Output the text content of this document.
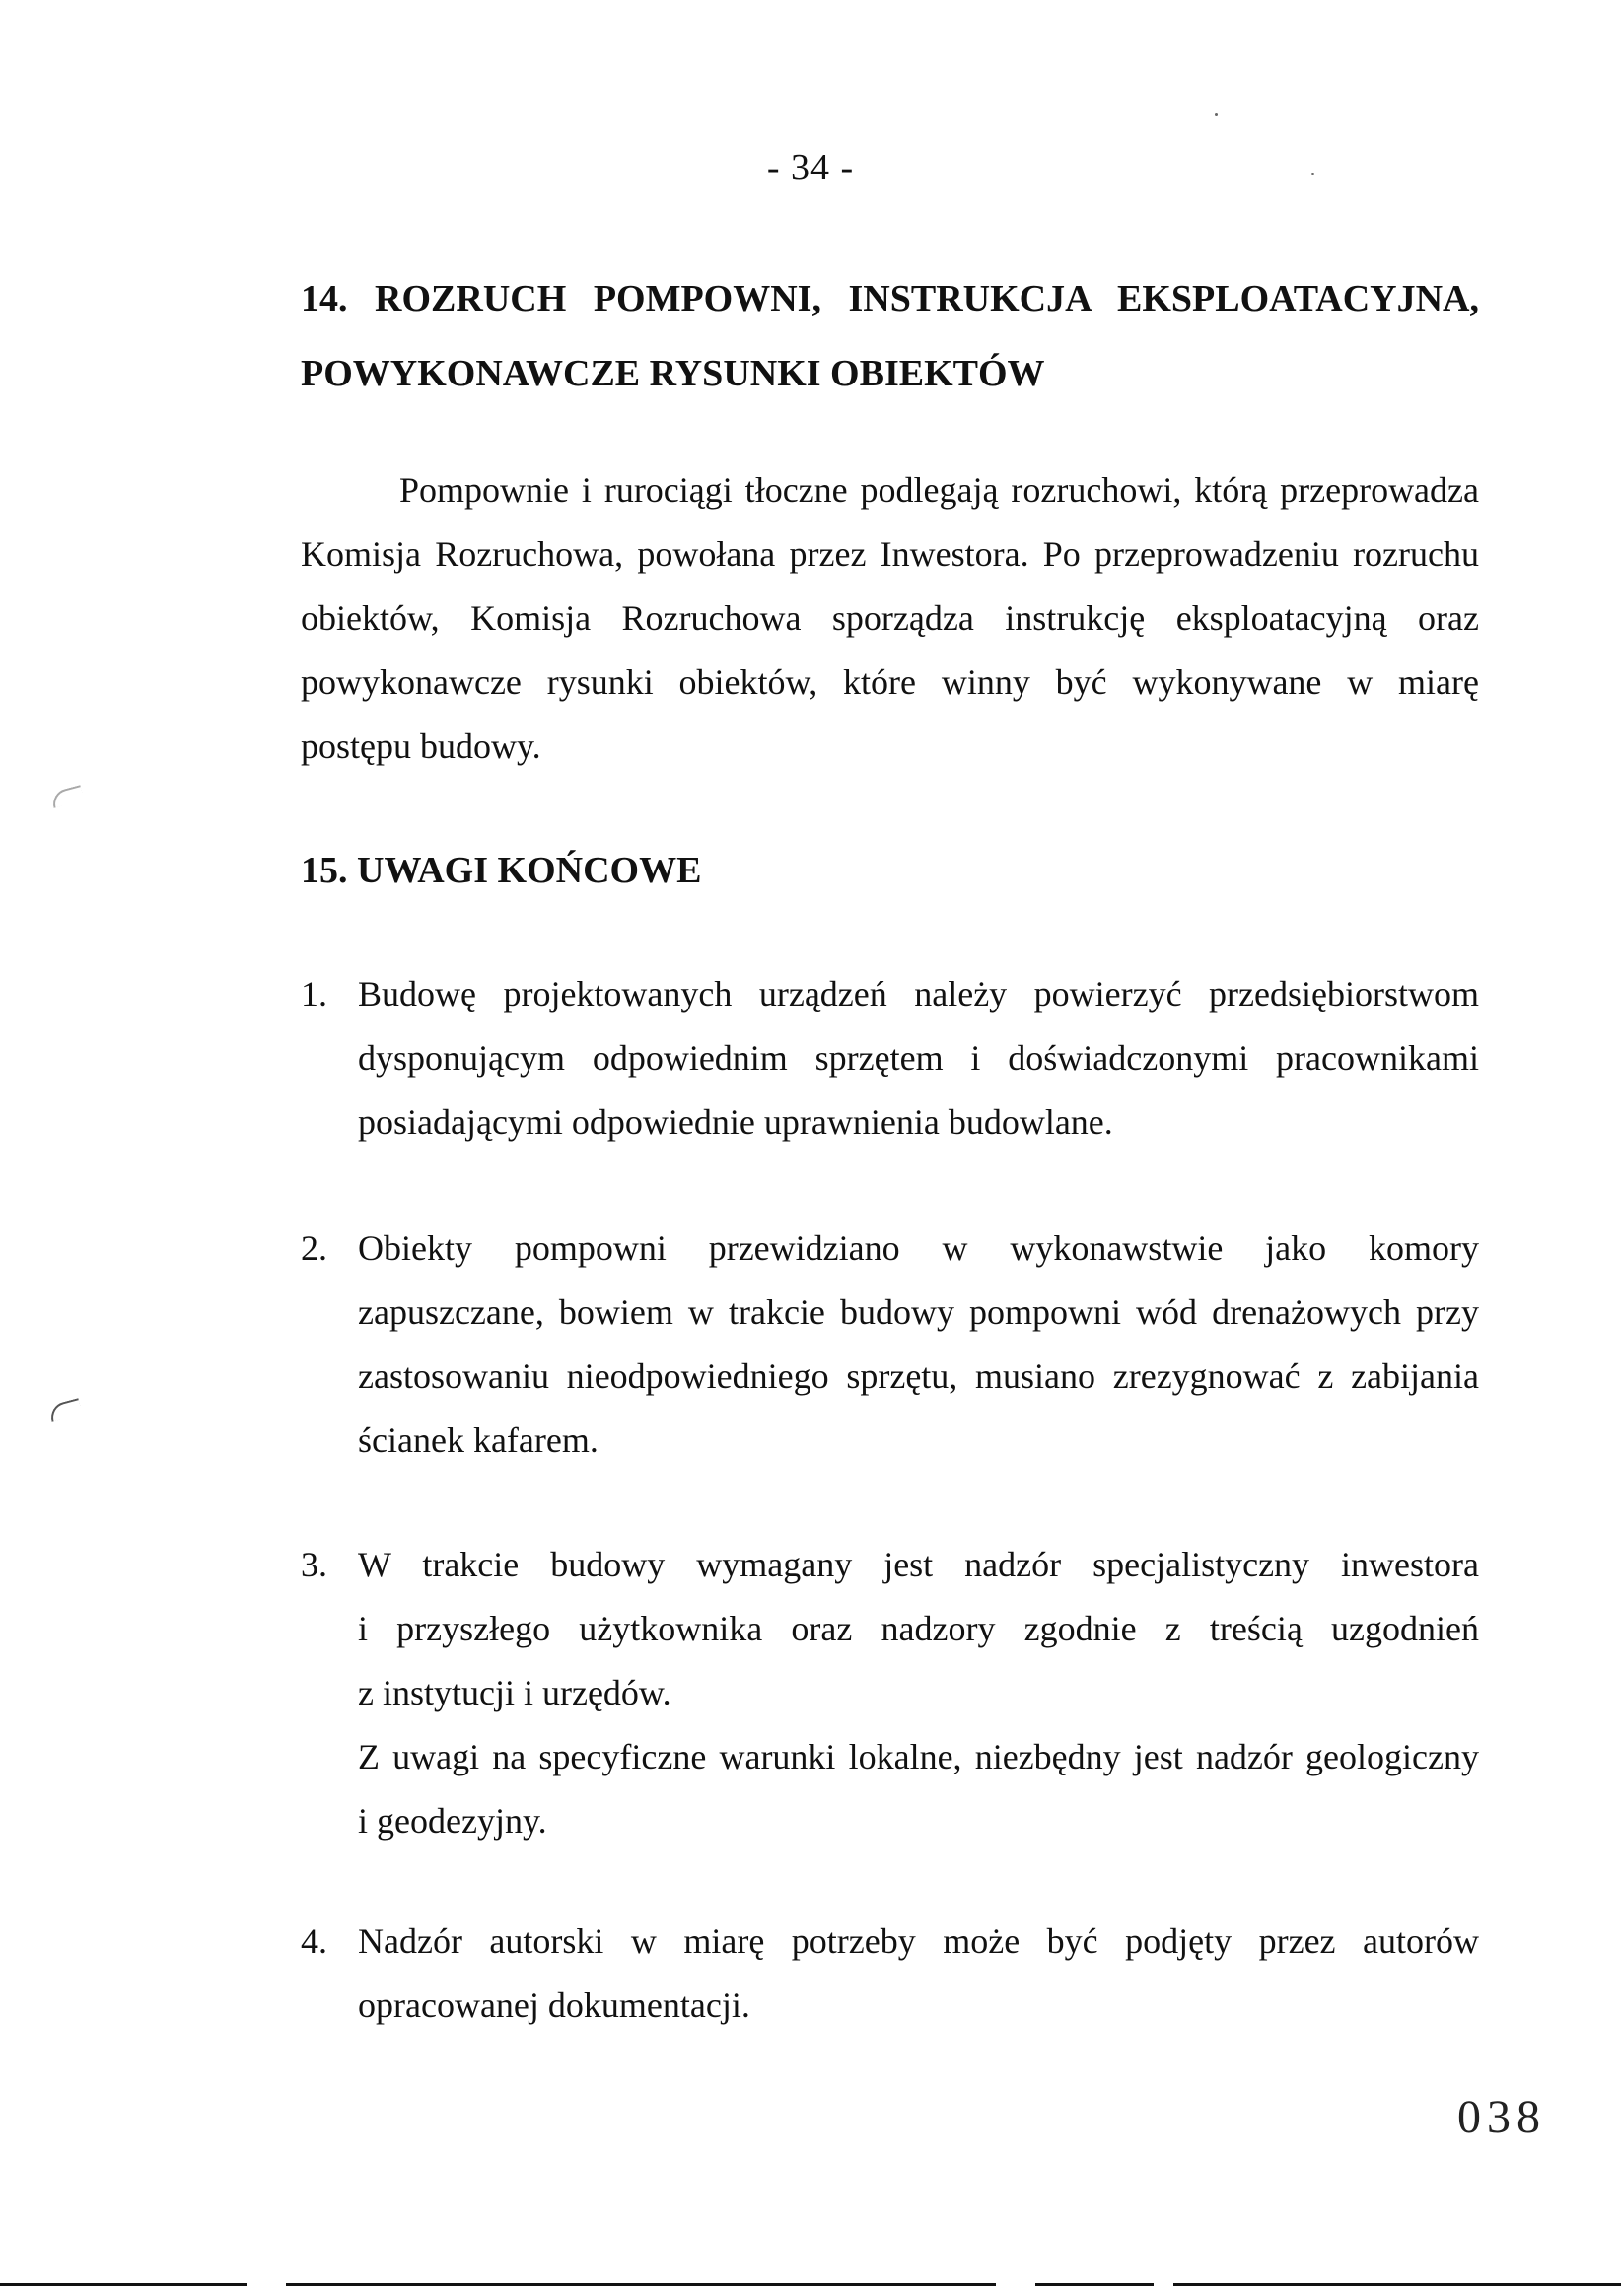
- 34 -
14. ROZRUCH POMPOWNI, INSTRUKCJA EKSPLOATACYJNA,
POWYKONAWCZE RYSUNKI OBIEKTÓW
Pompownie i rurociągi tłoczne podlegają rozruchowi, którą przeprowadza
Komisja Rozruchowa, powołana przez Inwestora. Po przeprowadzeniu rozruchu
obiektów, Komisja Rozruchowa sporządza instrukcję eksploatacyjną oraz
powykonawcze rysunki obiektów, które winny być wykonywane w miarę
postępu budowy.
15. UWAGI KOŃCOWE
1. Budowę projektowanych urządzeń należy powierzyć przedsiębiorstwom
dysponującym odpowiednim sprzętem i doświadczonymi pracownikami
posiadającymi odpowiednie uprawnienia budowlane.
2. Obiekty pompowni przewidziano w wykonawstwie jako komory
zapuszczane, bowiem w trakcie budowy pompowni wód drenażowych przy
zastosowaniu nieodpowiedniego sprzętu, musiano zrezygnować z zabijania
ścianek kafarem.
3. W trakcie budowy wymagany jest nadzór specjalistyczny inwestora
i przyszłego użytkownika oraz nadzory zgodnie z treścią uzgodnień
z instytucji i urzędów.
Z uwagi na specyficzne warunki lokalne, niezbędny jest nadzór geologiczny
i geodezyjny.
4. Nadzór autorski w miarę potrzeby może być podjęty przez autorów
opracowanej dokumentacji.
038
